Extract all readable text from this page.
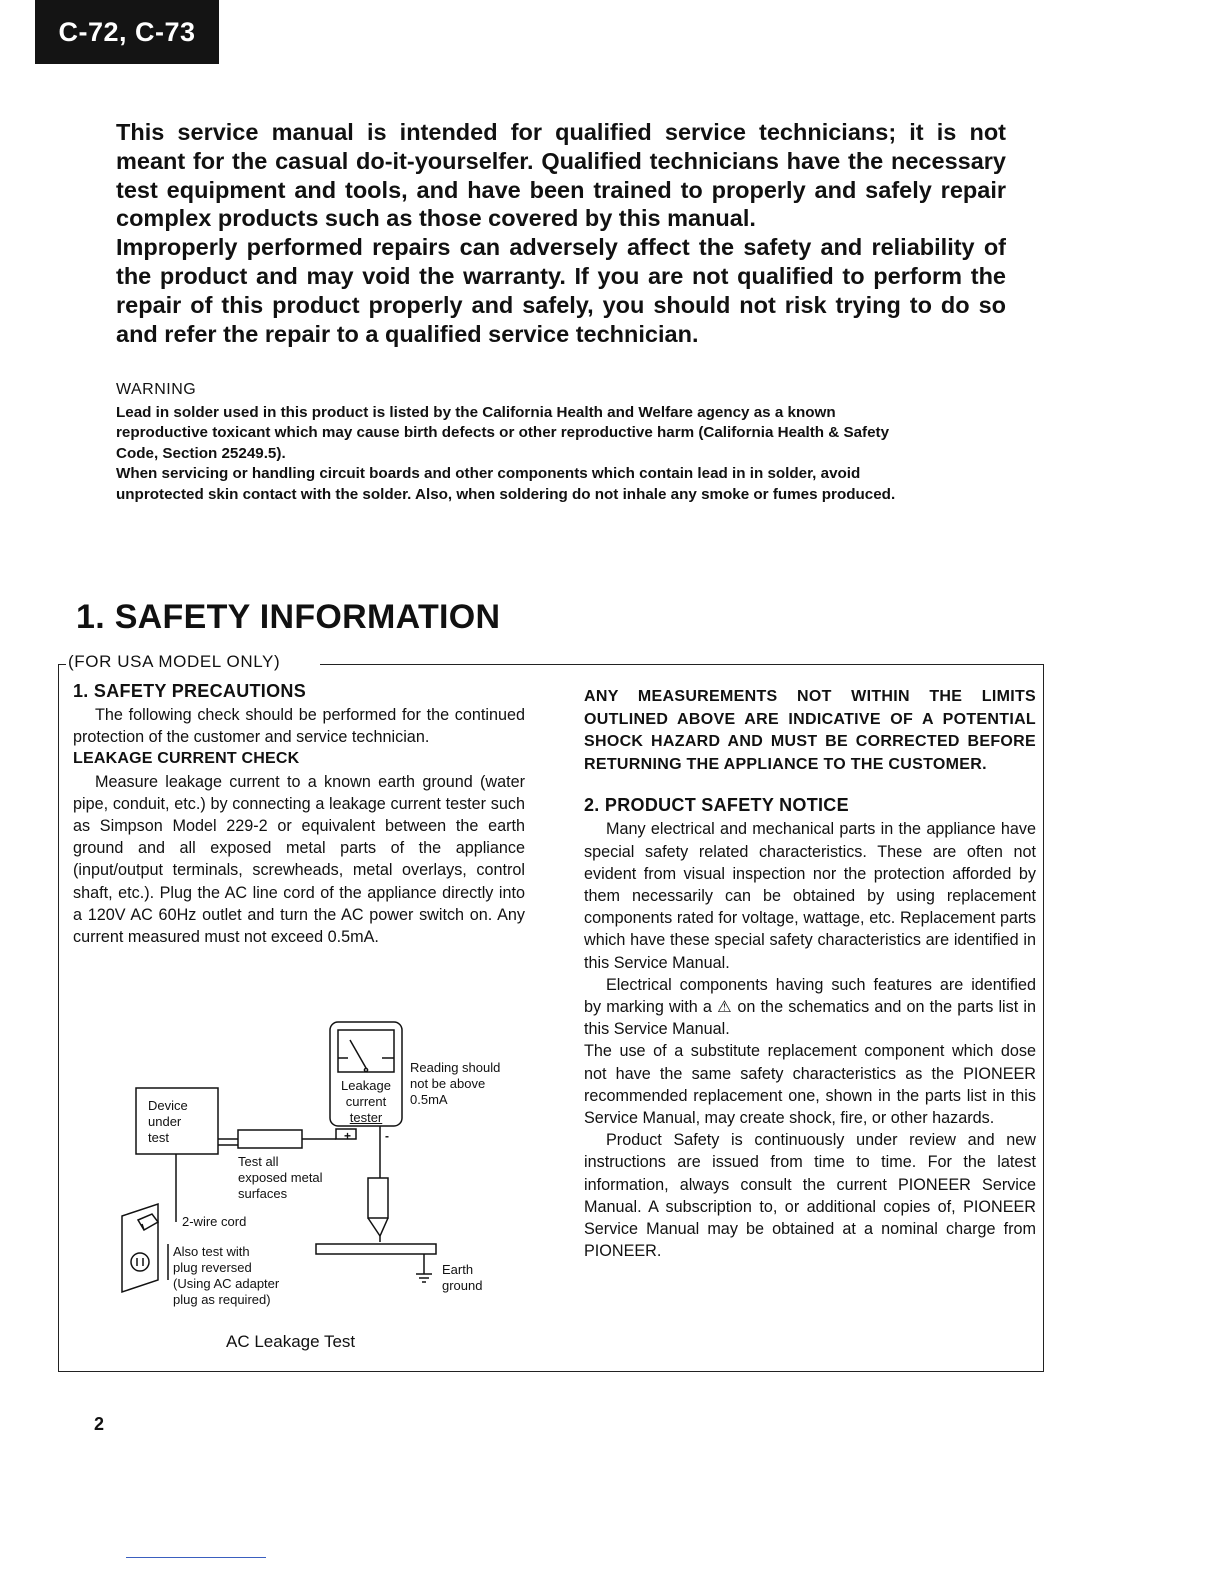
C-72, C-73

This service manual is intended for qualified service technicians; it is not meant for the casual do-it-yourselfer. Qualified technicians have the necessary test equipment and tools, and have been trained to properly and safely repair complex products such as those covered by this manual.

Improperly performed repairs can adversely affect the safety and reliability of the product and may void the warranty. If you are not qualified to perform the repair of this product properly and safely, you should not risk trying to do so and refer the repair to a qualified service technician.

WARNING

Lead in solder used in this product is listed by the California Health and Welfare agency as a known reproductive toxicant which may cause birth defects or other reproductive harm (California Health & Safety Code, Section 25249.5).

When servicing or handling circuit boards and other components which contain lead in in solder, avoid unprotected skin contact with the solder. Also, when soldering do not inhale any smoke or fumes produced.

1. SAFETY INFORMATION
(FOR USA MODEL ONLY)
1. SAFETY PRECAUTIONS

The following check should be performed for the continued protection of the customer and service technician.

LEAKAGE CURRENT CHECK

Measure leakage current to a known earth ground (water pipe, conduit, etc.) by connecting a leakage current tester such as Simpson Model 229-2 or equivalent between the earth ground and all exposed metal parts of the appliance (input/output terminals, screwheads, metal overlays, control shaft, etc.). Plug the AC line cord of the appliance directly into a 120V AC 60Hz outlet and turn the AC power switch on. Any current measured must not exceed 0.5mA.

Device
under
test
Leakage
current
tester
+	-
Reading should
not be above
0.5mA
Test all
exposed metal
surfaces
2-wire cord
Also test with
plug reversed
(Using AC adapter
plug as required)
Earth
ground
AC Leakage Test

ANY MEASUREMENTS NOT WITHIN THE LIMITS OUTLINED ABOVE ARE INDICATIVE OF A POTENTIAL SHOCK HAZARD AND MUST BE CORRECTED BEFORE RETURNING THE APPLIANCE TO THE CUSTOMER.

2. PRODUCT SAFETY NOTICE

Many electrical and mechanical parts in the appliance have special safety related characteristics. These are often not evident from visual inspection nor the protection afforded by them necessarily can be obtained by using replacement components rated for voltage, wattage, etc. Replacement parts which have these special safety characteristics are identified in this Service Manual.

Electrical components having such features are identified by marking with a ⚠ on the schematics and on the parts list in this Service Manual.

The use of a substitute replacement component which dose not have the same safety characteristics as the PIONEER recommended replacement one, shown in the parts list in this Service Manual, may create shock, fire, or other hazards.

Product Safety is continuously under review and new instructions are issued from time to time. For the latest information, always consult the current PIONEER Service Manual. A subscription to, or additional copies of, PIONEER Service Manual may be obtained at a nominal charge from PIONEER.

2
